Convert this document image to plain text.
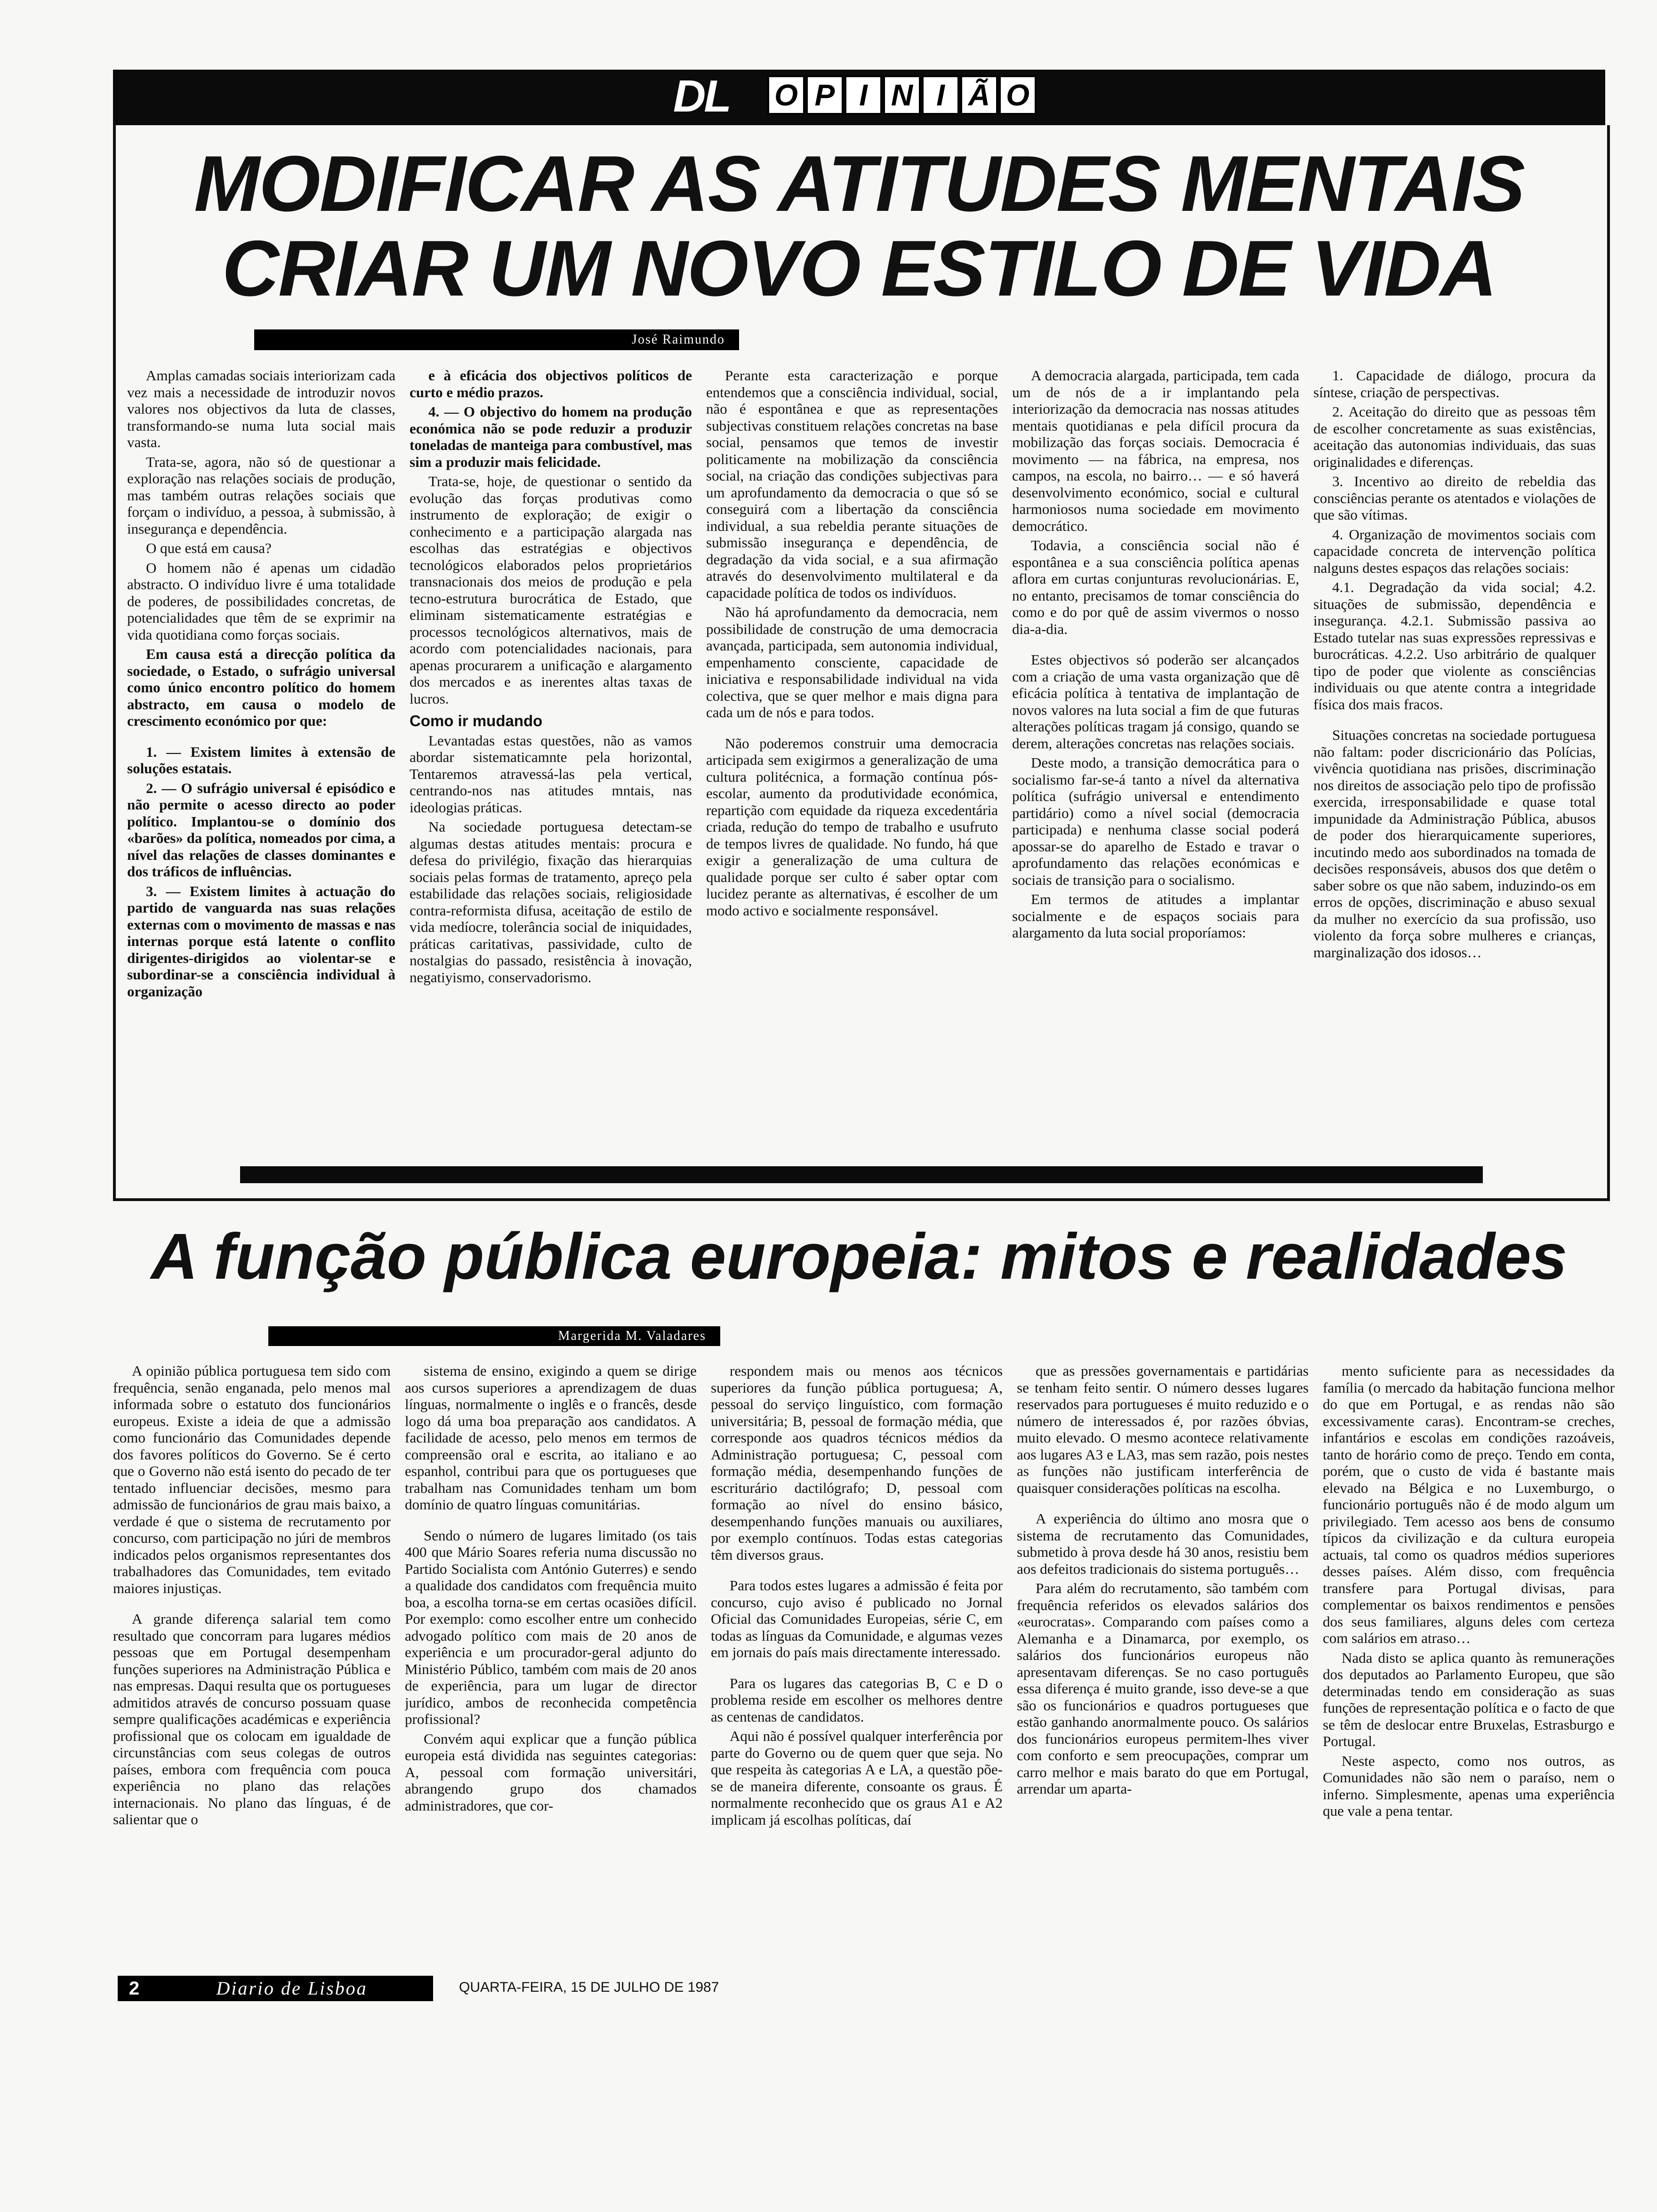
DL	O P I N I Ã O
MODIFICAR AS ATITUDES MENTAIS
CRIAR UM NOVO ESTILO DE VIDA
José Raimundo

Amplas camadas sociais interiorizam cada vez mais a necessidade de introduzir novos valores nos objectivos da luta de classes, transformando-se numa luta social mais vasta.

Trata-se, agora, não só de questionar a exploração nas relações sociais de produção, mas também outras relações sociais que forçam o indivíduo, a pessoa, à submissão, à insegurança e dependência.

O que está em causa?

O homem não é apenas um cidadão abstracto. O indivíduo livre é uma totalidade de poderes, de possibilidades concretas, de potencialidades que têm de se exprimir na vida quotidiana como forças sociais.

Em causa está a direcção política da sociedade, o Estado, o sufrágio universal como único encontro político do homem abstracto, em causa o modelo de crescimento económico por que:

1. — Existem limites à extensão de soluções estatais.

2. — O sufrágio universal é episódico e não permite o acesso directo ao poder político. Implantou-se o domínio dos «barões» da política, nomeados por cima, a nível das relações de classes dominantes e dos tráficos de influências.

3. — Existem limites à actuação do partido de vanguarda nas suas relações externas com o movimento de massas e nas internas porque está latente o conflito dirigentes-dirigidos ao violentar-se e subordinar-se a consciência individual à organização

e à eficácia dos objectivos políticos de curto e médio prazos.

4. — O objectivo do homem na produção económica não se pode reduzir a produzir toneladas de manteiga para combustível, mas sim a produzir mais felicidade.

Trata-se, hoje, de questionar o sentido da evolução das forças produtivas como instrumento de exploração; de exigir o conhecimento e a participação alargada nas escolhas das estratégias e objectivos tecnológicos elaborados pelos proprietários transnacionais dos meios de produção e pela tecno-estrutura burocrática de Estado, que eliminam sistematicamente estratégias e processos tecnológicos alternativos, mais de acordo com potencialidades nacionais, para apenas procurarem a unificação e alargamento dos mercados e as inerentes altas taxas de lucros.

Como ir mudando

Levantadas estas questões, não as vamos abordar sistematicamnte pela horizontal, Tentaremos atravessá-las pela vertical, centrando-nos nas atitudes mntais, nas ideologias práticas.

Na sociedade portuguesa detectam-se algumas destas atitudes mentais: procura e defesa do privilégio, fixação das hierarquias sociais pelas formas de tratamento, apreço pela estabilidade das relações sociais, religiosidade contra-reformista difusa, aceitação de estilo de vida medíocre, tolerância social de iniquidades, práticas caritativas, passividade, culto de nostalgias do passado, resistência à inovação, negatiyismo, conservadorismo.

Perante esta caracterização e porque entendemos que a consciência individual, social, não é espontânea e que as representações subjectivas constituem relações concretas na base social, pensamos que temos de investir politicamente na mobilização da consciência social, na criação das condições subjectivas para um aprofundamento da democracia o que só se conseguirá com a libertação da consciência individual, a sua rebeldia perante situações de submissão insegurança e dependência, de degradação da vida social, e a sua afirmação através do desenvolvimento multilateral e da capacidade política de todos os indivíduos.

Não há aprofundamento da democracia, nem possibilidade de construção de uma democracia avançada, participada, sem autonomia individual, empenhamento consciente, capacidade de iniciativa e responsabilidade individual na vida colectiva, que se quer melhor e mais digna para cada um de nós e para todos.

Não poderemos construir uma democracia articipada sem exigirmos a generalização de uma cultura politécnica, a formação contínua pós-escolar, aumento da produtividade económica, repartição com equidade da riqueza excedentária criada, redução do tempo de trabalho e usufruto de tempos livres de qualidade. No fundo, há que exigir a generalização de uma cultura de qualidade porque ser culto é saber optar com lucidez perante as alternativas, é escolher de um modo activo e socialmente responsável.

A democracia alargada, participada, tem cada um de nós de a ir implantando pela interiorização da democracia nas nossas atitudes mentais quotidianas e pela difícil procura da mobilização das forças sociais. Democracia é movimento — na fábrica, na empresa, nos campos, na escola, no bairro… — e só haverá desenvolvimento económico, social e cultural harmoniosos numa sociedade em movimento democrático.

Todavia, a consciência social não é espontânea e a sua consciência política apenas aflora em curtas conjunturas revolucionárias. E, no entanto, precisamos de tomar consciência do como e do por quê de assim vivermos o nosso dia-a-dia.

Estes objectivos só poderão ser alcançados com a criação de uma vasta organização que dê eficácia política à tentativa de implantação de novos valores na luta social a fim de que futuras alterações políticas tragam já consigo, quando se derem, alterações concretas nas relações sociais.

Deste modo, a transição democrática para o socialismo far-se-á tanto a nível da alternativa política (sufrágio universal e entendimento partidário) como a nível social (democracia participada) e nenhuma classe social poderá apossar-se do aparelho de Estado e travar o aprofundamento das relações económicas e sociais de transição para o socialismo.

Em termos de atitudes a implantar socialmente e de espaços sociais para alargamento da luta social proporíamos:

1. Capacidade de diálogo, procura da síntese, criação de perspectivas.

2. Aceitação do direito que as pessoas têm de escolher concretamente as suas existências, aceitação das autonomias individuais, das suas originalidades e diferenças.

3. Incentivo ao direito de rebeldia das consciências perante os atentados e violações de que são vítimas.

4. Organização de movimentos sociais com capacidade concreta de intervenção política nalguns destes espaços das relações sociais:

4.1. Degradação da vida social; 4.2. situações de submissão, dependência e insegurança. 4.2.1. Submissão passiva ao Estado tutelar nas suas expressões repressivas e burocráticas. 4.2.2. Uso arbitrário de qualquer tipo de poder que violente as consciências individuais ou que atente contra a integridade física dos mais fracos.

Situações concretas na sociedade portuguesa não faltam: poder discricionário das Polícias, vivência quotidiana nas prisões, discriminação nos direitos de associação pelo tipo de profissão exercida, irresponsabilidade e quase total impunidade da Administração Pública, abusos de poder dos hierarquicamente superiores, incutindo medo aos subordinados na tomada de decisões responsáveis, abusos dos que detêm o saber sobre os que não sabem, induzindo-os em erros de opções, discriminação e abuso sexual da mulher no exercício da sua profissão, uso violento da força sobre mulheres e crianças, marginalização dos idosos…

A função pública europeia: mitos e realidades
Margerida M. Valadares

A opinião pública portuguesa tem sido com frequência, senão enganada, pelo menos mal informada sobre o estatuto dos funcionários europeus. Existe a ideia de que a admissão como funcionário das Comunidades depende dos favores políticos do Governo. Se é certo que o Governo não está isento do pecado de ter tentado influenciar decisões, mesmo para admissão de funcionários de grau mais baixo, a verdade é que o sistema de recrutamento por concurso, com participação no júri de membros indicados pelos organismos representantes dos trabalhadores das Comunidades, tem evitado maiores injustiças.

A grande diferença salarial tem como resultado que concorram para lugares médios pessoas que em Portugal desempenham funções superiores na Administração Pública e nas empresas. Daqui resulta que os portugueses admitidos através de concurso possuam quase sempre qualificações académicas e experiência profissional que os colocam em igualdade de circunstâncias com seus colegas de outros países, embora com frequência com pouca experiência no plano das relações internacionais. No plano das línguas, é de salientar que o

sistema de ensino, exigindo a quem se dirige aos cursos superiores a aprendizagem de duas línguas, normalmente o inglês e o francês, desde logo dá uma boa preparação aos candidatos. A facilidade de acesso, pelo menos em termos de compreensão oral e escrita, ao italiano e ao espanhol, contribui para que os portugueses que trabalham nas Comunidades tenham um bom domínio de quatro línguas comunitárias.

Sendo o número de lugares limitado (os tais 400 que Mário Soares referia numa discussão no Partido Socialista com António Guterres) e sendo a qualidade dos candidatos com frequência muito boa, a escolha torna-se em certas ocasiões difícil. Por exemplo: como escolher entre um conhecido advogado político com mais de 20 anos de experiência e um procurador-geral adjunto do Ministério Público, também com mais de 20 anos de experiência, para um lugar de director jurídico, ambos de reconhecida competência profissional?

Convém aqui explicar que a função pública europeia está dividida nas seguintes categorias: A, pessoal com formação universitári, abrangendo grupo dos chamados administradores, que cor-

respondem mais ou menos aos técnicos superiores da função pública portuguesa; A, pessoal do serviço linguístico, com formação universitária; B, pessoal de formação média, que corresponde aos quadros técnicos médios da Administração portuguesa; C, pessoal com formação média, desempenhando funções de escriturário dactilógrafo; D, pessoal com formação ao nível do ensino básico, desempenhando funções manuais ou auxiliares, por exemplo contínuos. Todas estas categorias têm diversos graus.

Para todos estes lugares a admissão é feita por concurso, cujo aviso é publicado no Jornal Oficial das Comunidades Europeias, série C, em todas as línguas da Comunidade, e algumas vezes em jornais do país mais directamente interessado.

Para os lugares das categorias B, C e D o problema reside em escolher os melhores dentre as centenas de candidatos.

Aqui não é possível qualquer interferência por parte do Governo ou de quem quer que seja. No que respeita às categorias A e LA, a questão põe-se de maneira diferente, consoante os graus. É normalmente reconhecido que os graus A1 e A2 implicam já escolhas políticas, daí

que as pressões governamentais e partidárias se tenham feito sentir. O número desses lugares reservados para portugueses é muito reduzido e o número de interessados é, por razões óbvias, muito elevado. O mesmo acontece relativamente aos lugares A3 e LA3, mas sem razão, pois nestes as funções não justificam interferência de quaisquer considerações políticas na escolha.

A experiência do último ano mosra que o sistema de recrutamento das Comunidades, submetido à prova desde há 30 anos, resistiu bem aos defeitos tradicionais do sistema português…

Para além do recrutamento, são também com frequência referidos os elevados salários dos «eurocratas». Comparando com países como a Alemanha e a Dinamarca, por exemplo, os salários dos funcionários europeus não apresentavam diferenças. Se no caso português essa diferença é muito grande, isso deve-se a que são os funcionários e quadros portugueses que estão ganhando anormalmente pouco. Os salários dos funcionários europeus permitem-lhes viver com conforto e sem preocupações, comprar um carro melhor e mais barato do que em Portugal, arrendar um aparta-

mento suficiente para as necessidades da família (o mercado da habitação funciona melhor do que em Portugal, e as rendas não são excessivamente caras). Encontram-se creches, infantários e escolas em condições razoáveis, tanto de horário como de preço. Tendo em conta, porém, que o custo de vida é bastante mais elevado na Bélgica e no Luxemburgo, o funcionário português não é de modo algum um privilegiado. Tem acesso aos bens de consumo típicos da civilização e da cultura europeia actuais, tal como os quadros médios superiores desses países. Além disso, com frequência transfere para Portugal divisas, para complementar os baixos rendimentos e pensões dos seus familiares, alguns deles com certeza com salários em atraso…

Nada disto se aplica quanto às remunerações dos deputados ao Parlamento Europeu, que são determinadas tendo em consideração as suas funções de representação política e o facto de que se têm de deslocar entre Bruxelas, Estrasburgo e Portugal.

Neste aspecto, como nos outros, as Comunidades não são nem o paraíso, nem o inferno. Simplesmente, apenas uma experiência que vale a pena tentar.

2	Diario de Lisboa	QUARTA-FEIRA, 15 DE JULHO DE 1987
